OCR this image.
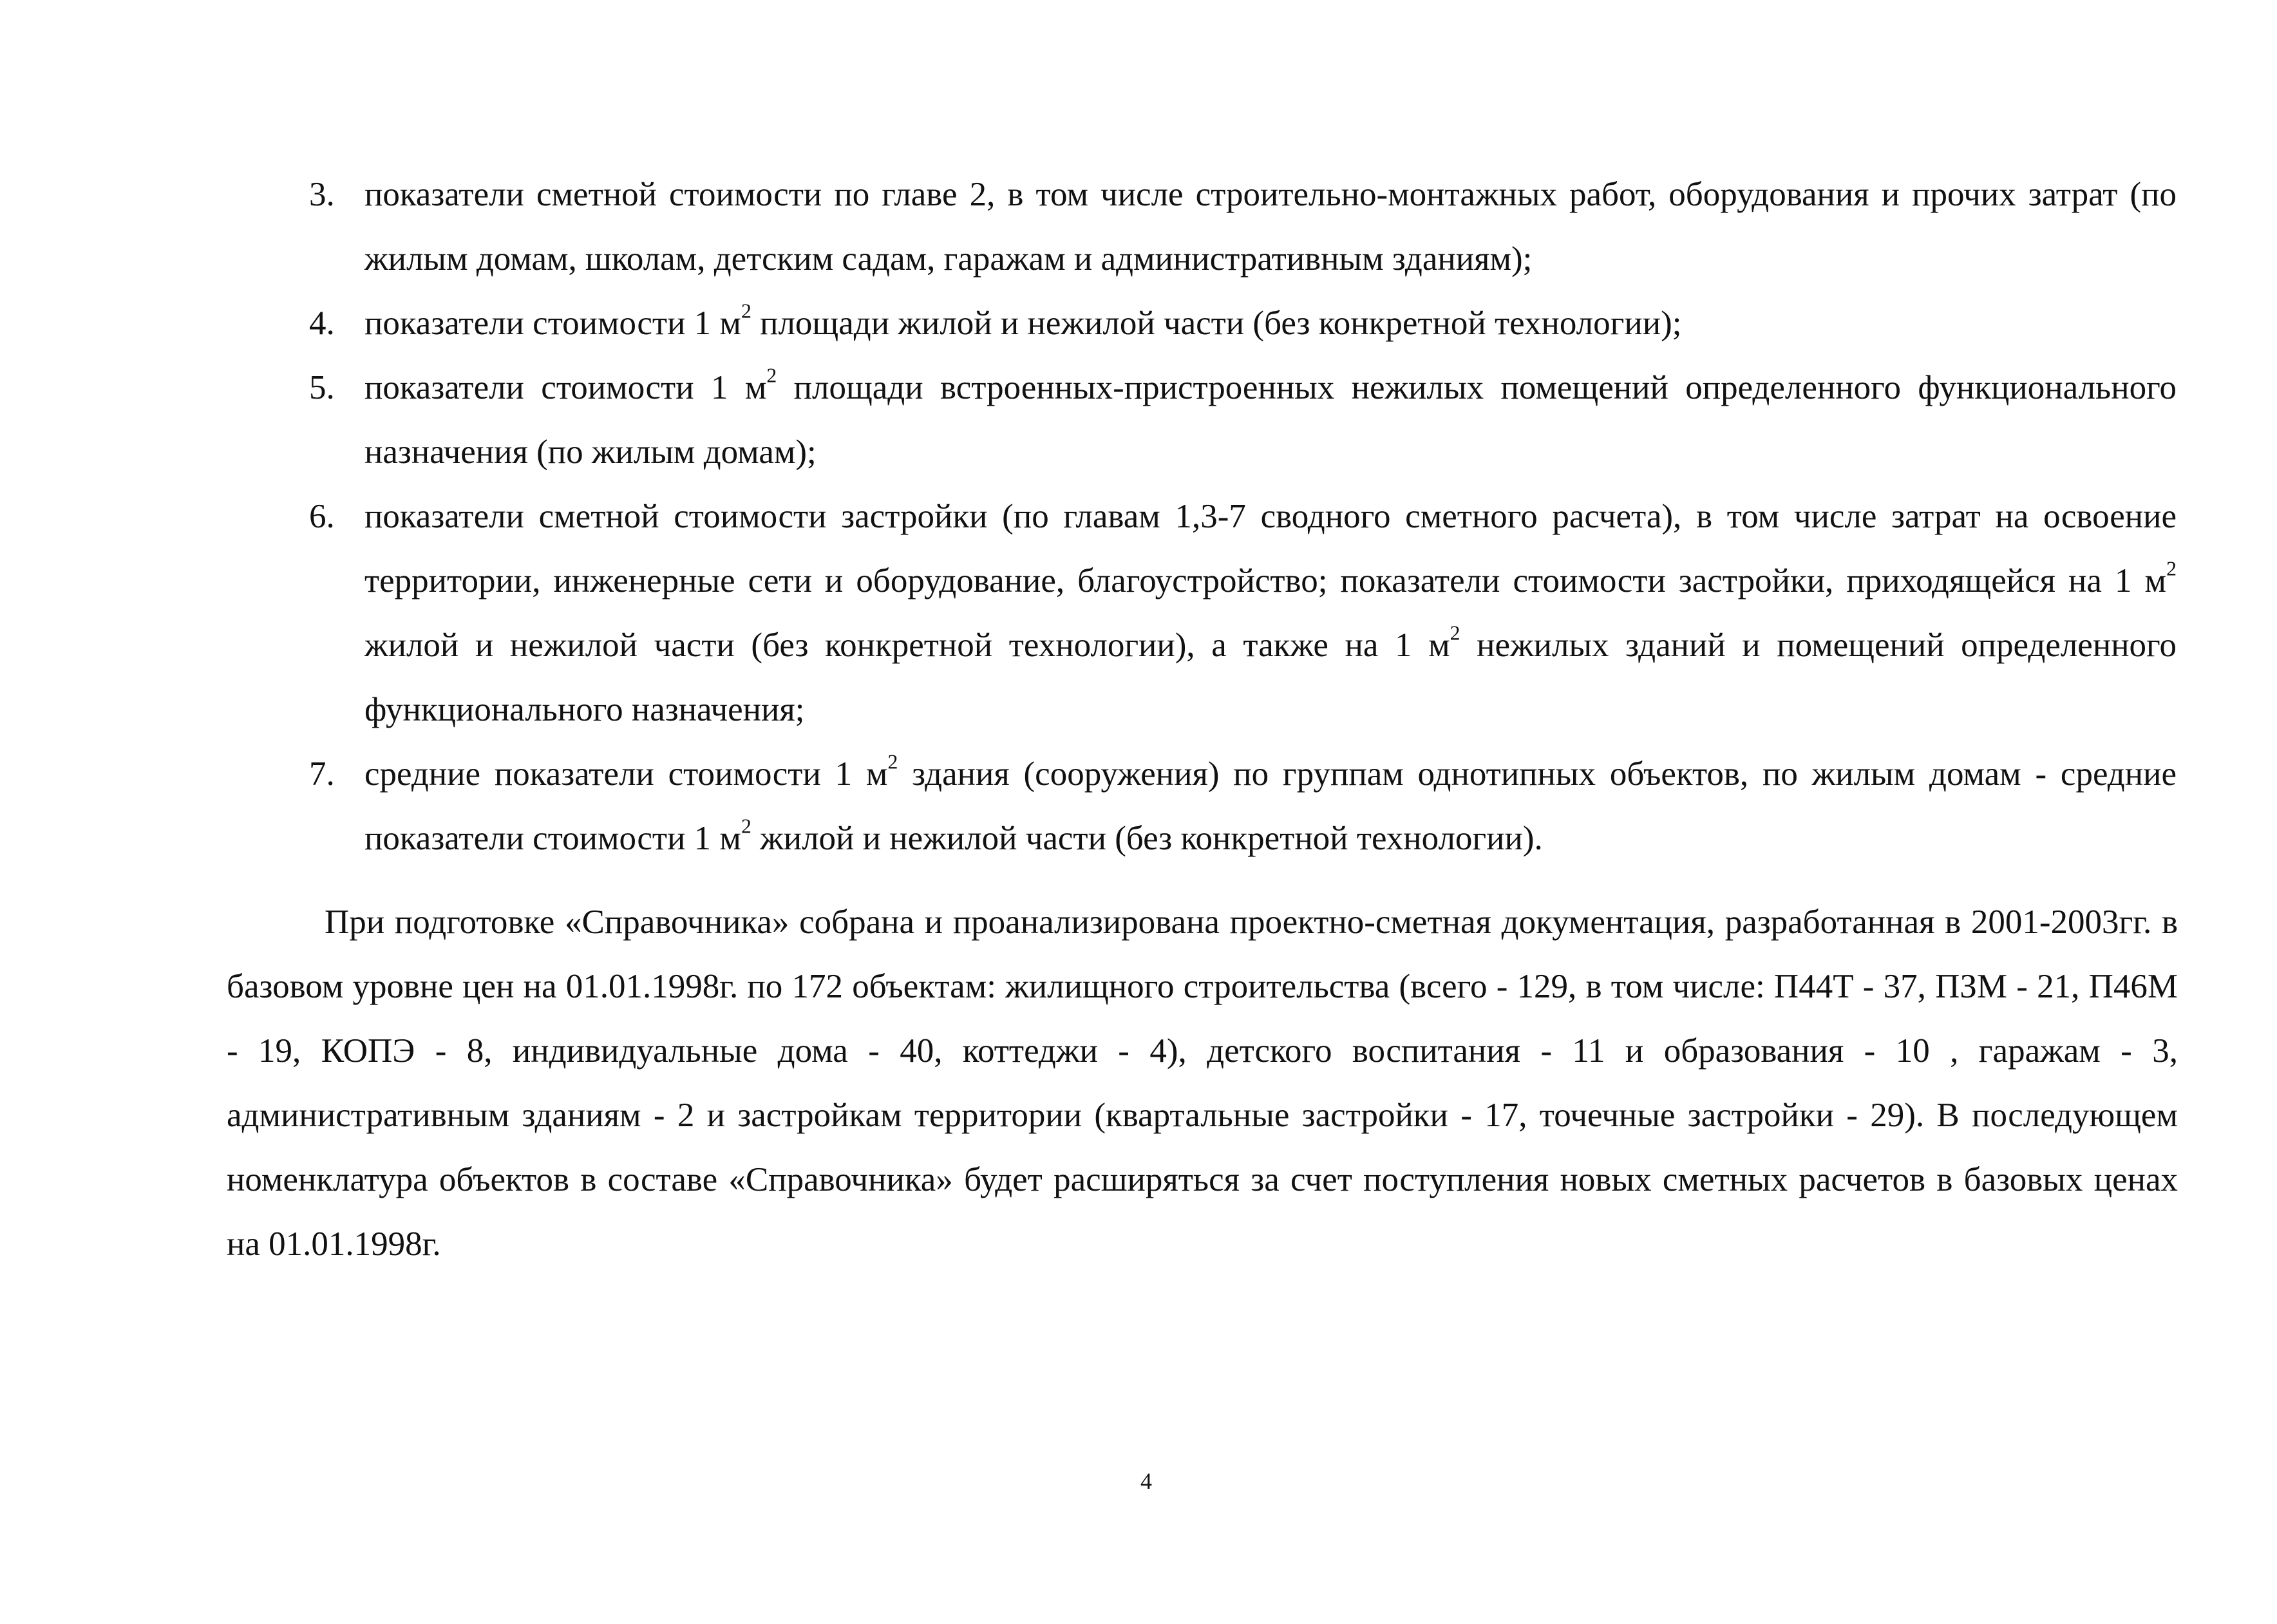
3. показатели сметной стоимости по главе 2, в том числе строительно-монтажных работ, оборудования и прочих затрат (по жилым домам, школам, детским садам, гаражам и административным зданиям);
4. показатели стоимости 1 $м^2$ площади жилой и нежилой части (без конкретной технологии);
5. показатели стоимости 1 $м^2$ площади встроенных-пристроенных нежилых помещений определенного функционального назначения (по жилым домам);
6. показатели сметной стоимости застройки (по главам 1,3-7 сводного сметного расчета), в том числе затрат на освоение территории, инженерные сети и оборудование, благоустройство; показатели стоимости застройки, приходящейся на 1 $м^2$ жилой и нежилой части (без конкретной технологии), а также на 1 $м^2$ нежилых зданий и помещений определенного функционального назначения;
7. средние показатели стоимости 1 $м^2$ здания (сооружения) по группам однотипных объектов, по жилым домам - средние показатели стоимости 1 $м^2$ жилой и нежилой части (без конкретной технологии).

При подготовке «Справочника» собрана и проанализирована проектно-сметная документация, разработанная в 2001-2003гг. в базовом уровне цен на 01.01.1998г. по 172 объектам: жилищного строительства (всего - 129, в том числе: П44Т - 37, ПЗМ - 21, П46М - 19, КОПЭ - 8, индивидуальные дома - 40, коттеджи - 4), детского воспитания - 11 и образования - 10 , гаражам - 3, административным зданиям - 2 и застройкам территории (квартальные застройки - 17, точечные застройки - 29). В последующем номенклатура объектов в составе «Справочника» будет расширяться за счет поступления новых сметных расчетов в базовых ценах на 01.01.1998г.

4
